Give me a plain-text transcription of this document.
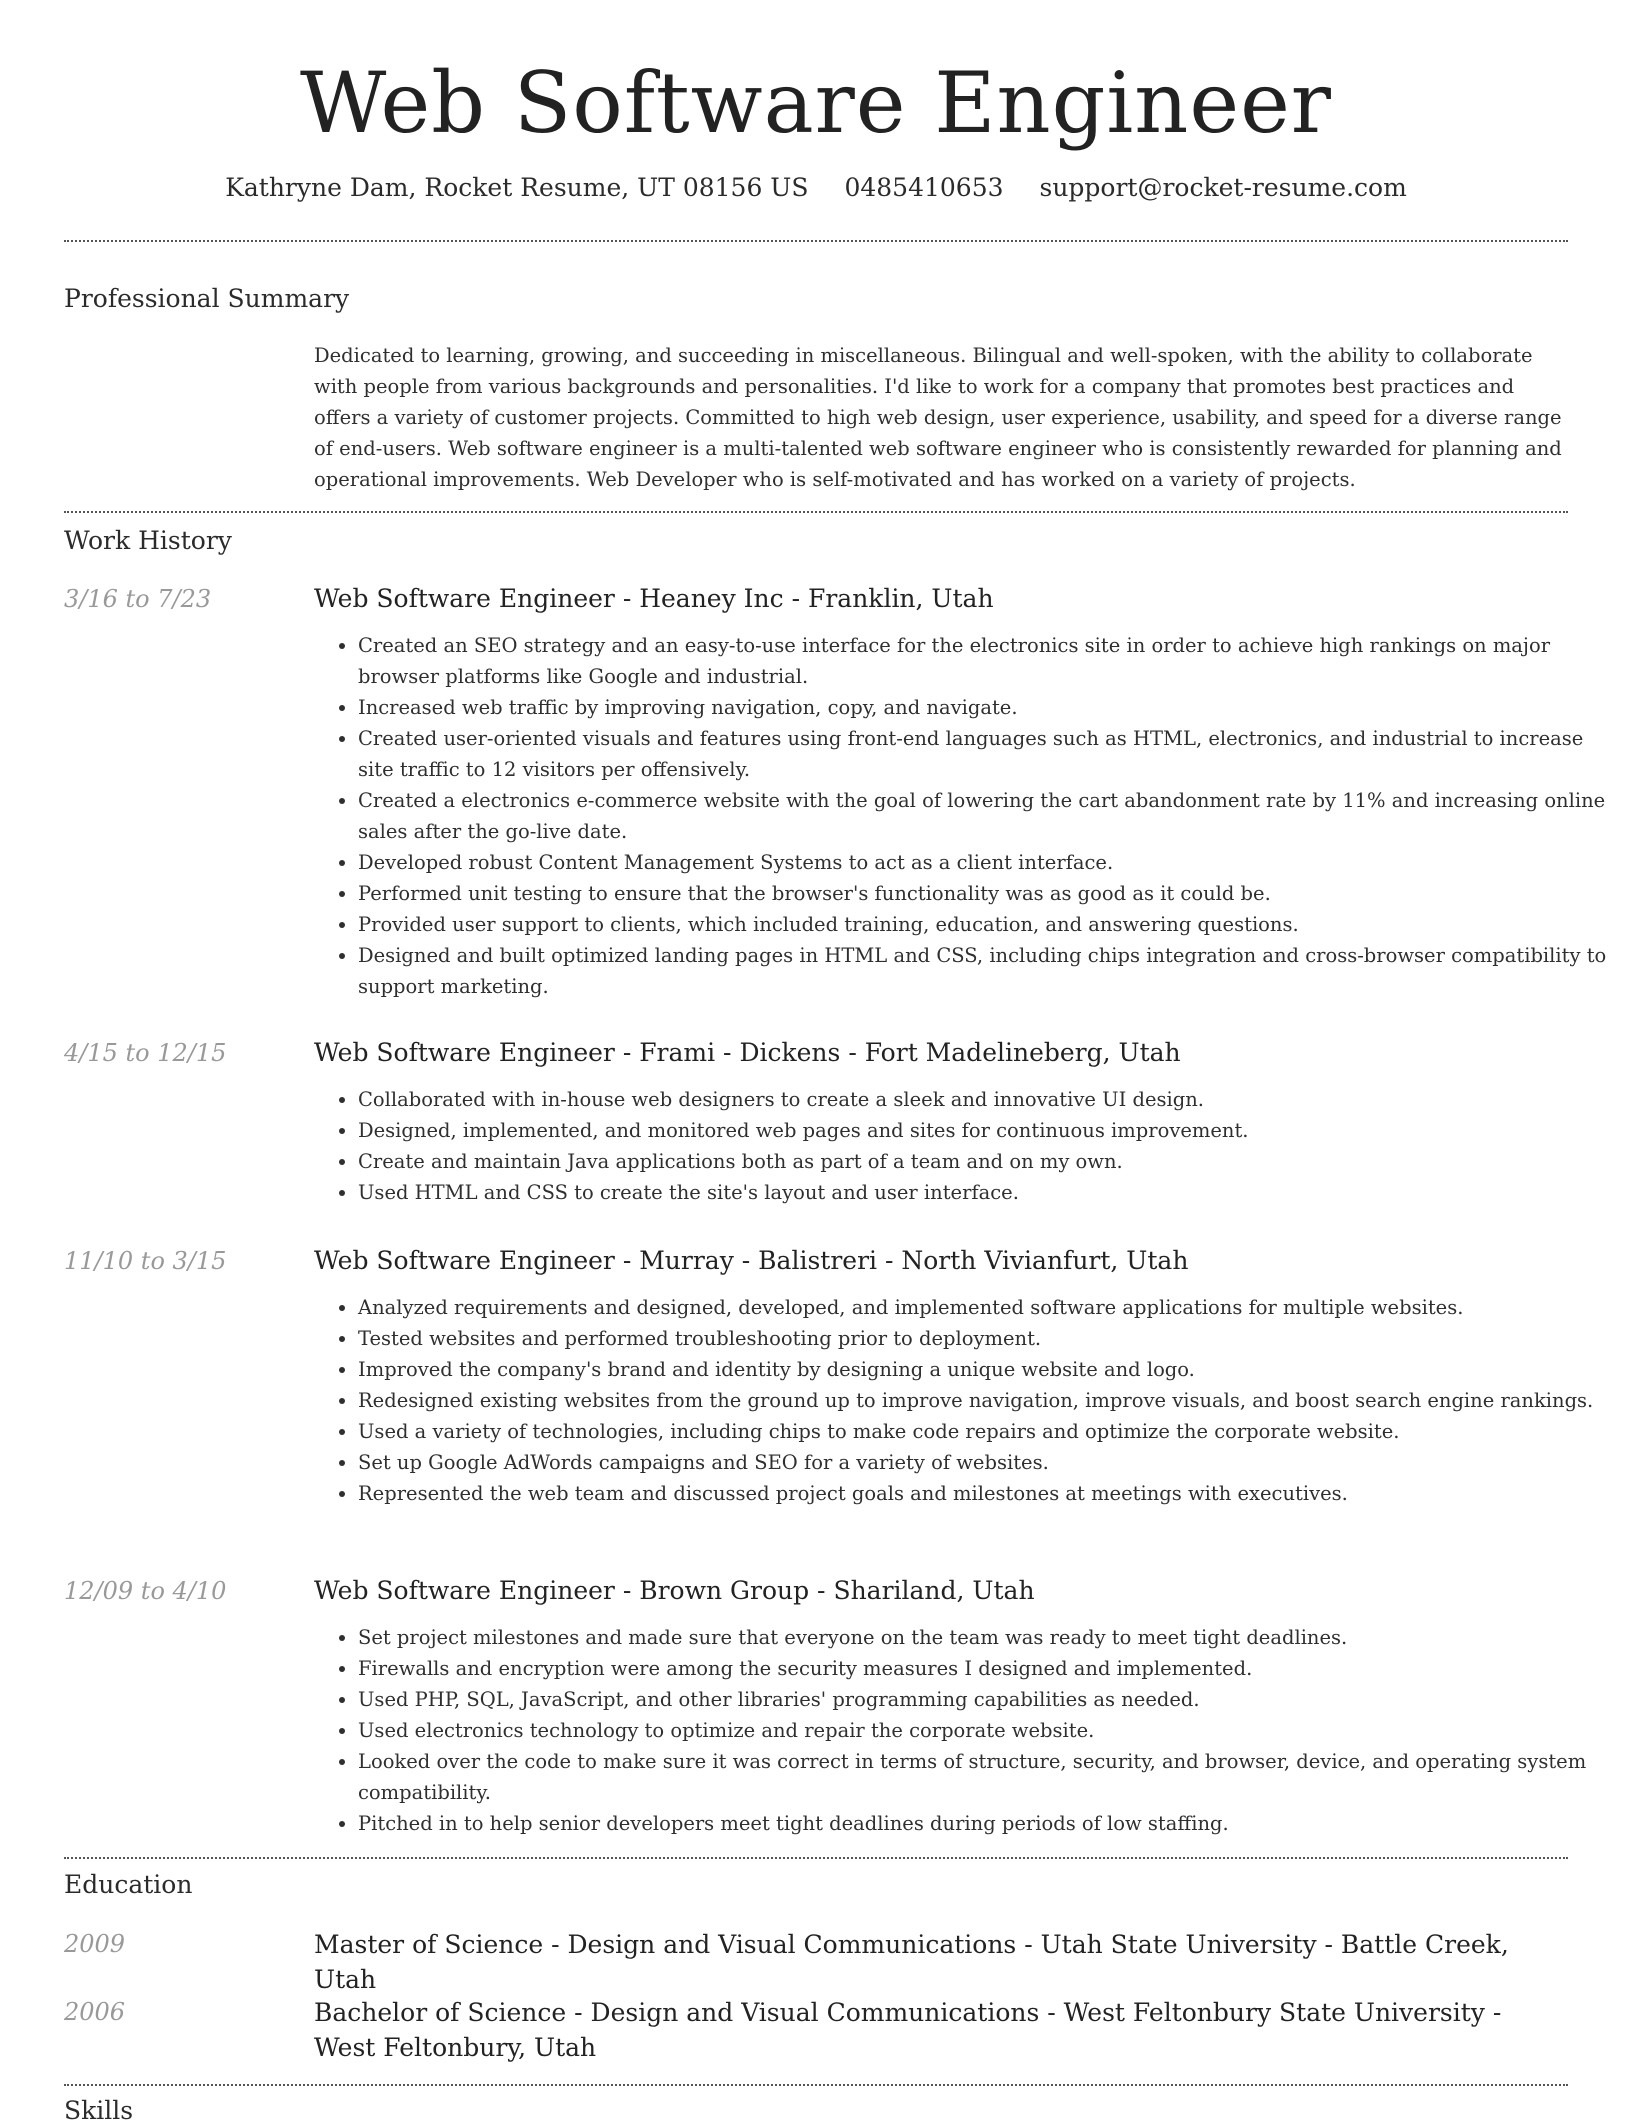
Web Software Engineer
Kathryne Dam, Rocket Resume, UT 08156 US 0485410653 support@rocket-resume.com
Professional Summary

Dedicated to learning, growing, and succeeding in miscellaneous. Bilingual and well-spoken, with the ability to collaborate with people from various backgrounds and personalities. I'd like to work for a company that promotes best practices and offers a variety of customer projects. Committed to high web design, user experience, usability, and speed for a diverse range of end-users. Web software engineer is a multi-talented web software engineer who is consistently rewarded for planning and operational improvements. Web Developer who is self-motivated and has worked on a variety of projects.

Work History
3/16 to 7/23	Web Software Engineer - Heaney Inc - Franklin, Utah
• Created an SEO strategy and an easy-to-use interface for the electronics site in order to achieve high rankings on major browser platforms like Google and industrial.
• Increased web traffic by improving navigation, copy, and navigate.
• Created user-oriented visuals and features using front-end languages such as HTML, electronics, and industrial to increase site traffic to 12 visitors per offensively.
• Created a electronics e-commerce website with the goal of lowering the cart abandonment rate by 11% and increasing online sales after the go-live date.
• Developed robust Content Management Systems to act as a client interface.
• Performed unit testing to ensure that the browser's functionality was as good as it could be.
• Provided user support to clients, which included training, education, and answering questions.
• Designed and built optimized landing pages in HTML and CSS, including chips integration and cross-browser compatibility to support marketing.
4/15 to 12/15	Web Software Engineer - Frami - Dickens - Fort Madelineberg, Utah
• Collaborated with in-house web designers to create a sleek and innovative UI design.
• Designed, implemented, and monitored web pages and sites for continuous improvement.
• Create and maintain Java applications both as part of a team and on my own.
• Used HTML and CSS to create the site's layout and user interface.
11/10 to 3/15	Web Software Engineer - Murray - Balistreri - North Vivianfurt, Utah
• Analyzed requirements and designed, developed, and implemented software applications for multiple websites.
• Tested websites and performed troubleshooting prior to deployment.
• Improved the company's brand and identity by designing a unique website and logo.
• Redesigned existing websites from the ground up to improve navigation, improve visuals, and boost search engine rankings.
• Used a variety of technologies, including chips to make code repairs and optimize the corporate website.
• Set up Google AdWords campaigns and SEO for a variety of websites.
• Represented the web team and discussed project goals and milestones at meetings with executives.
12/09 to 4/10	Web Software Engineer - Brown Group - Shariland, Utah
• Set project milestones and made sure that everyone on the team was ready to meet tight deadlines.
• Firewalls and encryption were among the security measures I designed and implemented.
• Used PHP, SQL, JavaScript, and other libraries' programming capabilities as needed.
• Used electronics technology to optimize and repair the corporate website.
• Looked over the code to make sure it was correct in terms of structure, security, and browser, device, and operating system compatibility.
• Pitched in to help senior developers meet tight deadlines during periods of low staffing.
Education
2009	Master of Science - Design and Visual Communications - Utah State University - Battle Creek, Utah
2006	Bachelor of Science - Design and Visual Communications - West Feltonbury State University - West Feltonbury, Utah
Skills
